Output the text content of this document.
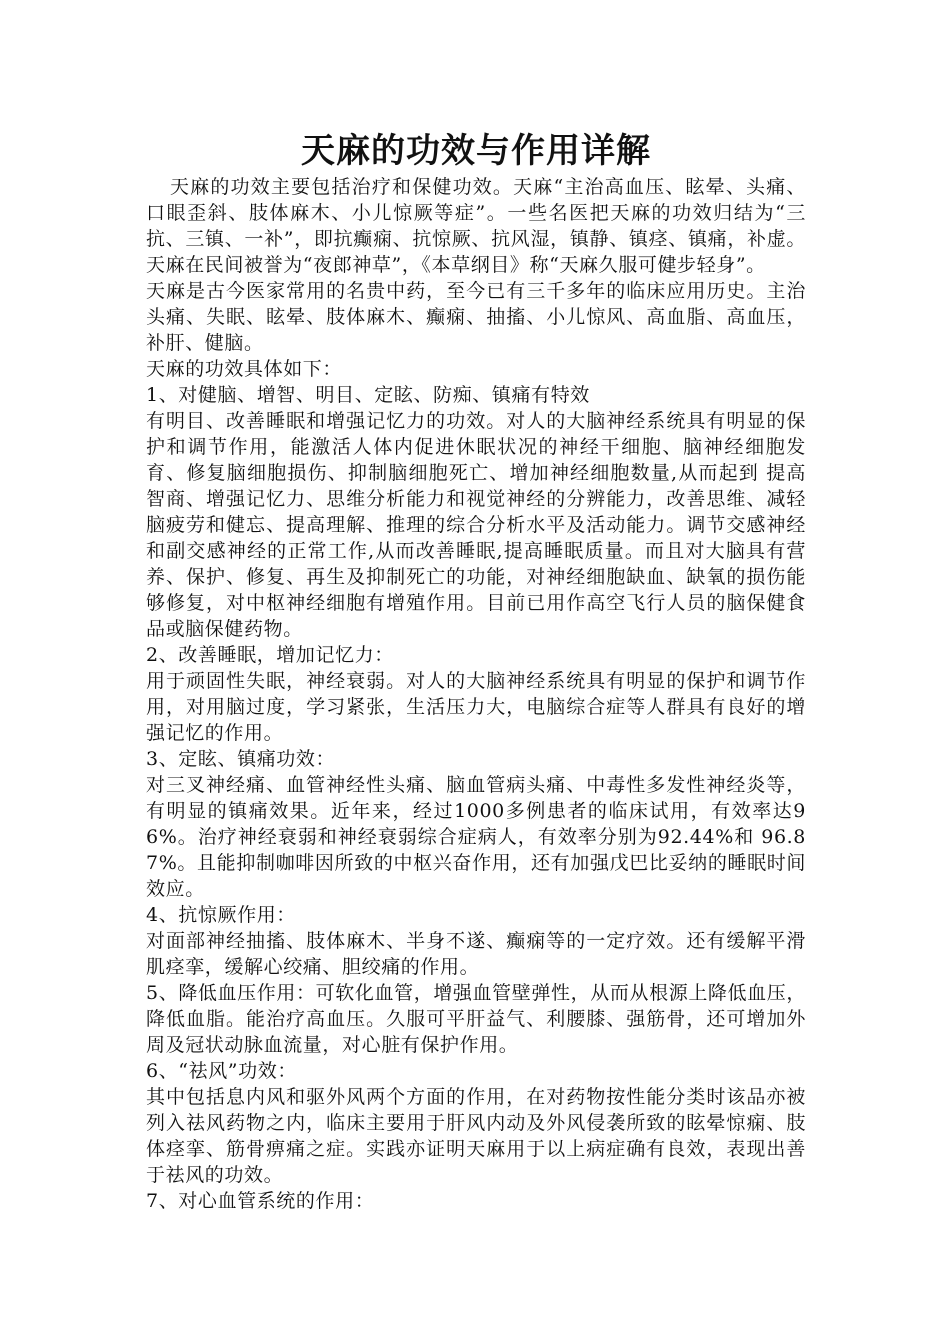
天麻的功效与作用详解

天麻的功效主要包括治疗和保健功效。天麻“主治高血压、眩晕、头痛、口眼歪斜、肢体麻木、小儿惊厥等症”。一些名医把天麻的功效归结为“三抗、三镇、一补”，即抗癫痫、抗惊厥、抗风湿，镇静、镇痉、镇痛，补虚。天麻在民间被誉为“夜郎神草”，《本草纲目》称“天麻久服可健步轻身”。

天麻是古今医家常用的名贵中药，至今已有三千多年的临床应用历史。主治头痛、失眠、眩晕、肢体麻木、癫痫、抽搐、小儿惊风、高血脂、高血压，补肝、健脑。

天麻的功效具体如下：

1、对健脑、增智、明目、定眩、防痴、镇痛有特效

有明目、改善睡眠和增强记忆力的功效。对人的大脑神经系统具有明显的保护和调节作用，能激活人体内促进休眠状况的神经干细胞、脑神经细胞发育、修复脑细胞损伤、抑制脑细胞死亡、增加神经细胞数量,从而起到 提高智商、增强记忆力、思维分析能力和视觉神经的分辨能力，改善思维、减轻脑疲劳和健忘、提高理解、推理的综合分析水平及活动能力。调节交感神经和副交感神经的正常工作,从而改善睡眠,提高睡眠质量。而且对大脑具有营养、保护、修复、再生及抑制死亡的功能，对神经细胞缺血、缺氧的损伤能够修复，对中枢神经细胞有增殖作用。目前已用作高空飞行人员的脑保健食品或脑保健药物。

2、改善睡眠，增加记忆力：

用于顽固性失眠，神经衰弱。对人的大脑神经系统具有明显的保护和调节作用，对用脑过度，学习紧张，生活压力大，电脑综合症等人群具有良好的增强记忆的作用。

3、定眩、镇痛功效：

对三叉神经痛、血管神经性头痛、脑血管病头痛、中毒性多发性神经炎等，有明显的镇痛效果。近年来，经过1000多例患者的临床试用，有效率达96%。治疗神经衰弱和神经衰弱综合症病人，有效率分别为92.44%和 96.87%。且能抑制咖啡因所致的中枢兴奋作用，还有加强戊巴比妥纳的睡眠时间效应。

4、抗惊厥作用：

对面部神经抽搐、肢体麻木、半身不遂、癫痫等的一定疗效。还有缓解平滑肌痉挛，缓解心绞痛、胆绞痛的作用。

5、降低血压作用：可软化血管，增强血管壁弹性，从而从根源上降低血压，降低血脂。能治疗高血压。久服可平肝益气、利腰膝、强筋骨，还可增加外周及冠状动脉血流量，对心脏有保护作用。

6、“祛风”功效：

其中包括息内风和驱外风两个方面的作用，在对药物按性能分类时该品亦被列入祛风药物之内，临床主要用于肝风内动及外风侵袭所致的眩晕惊痫、肢体痉挛、筋骨痹痛之症。实践亦证明天麻用于以上病症确有良效，表现出善于祛风的功效。

7、对心血管系统的作用：
